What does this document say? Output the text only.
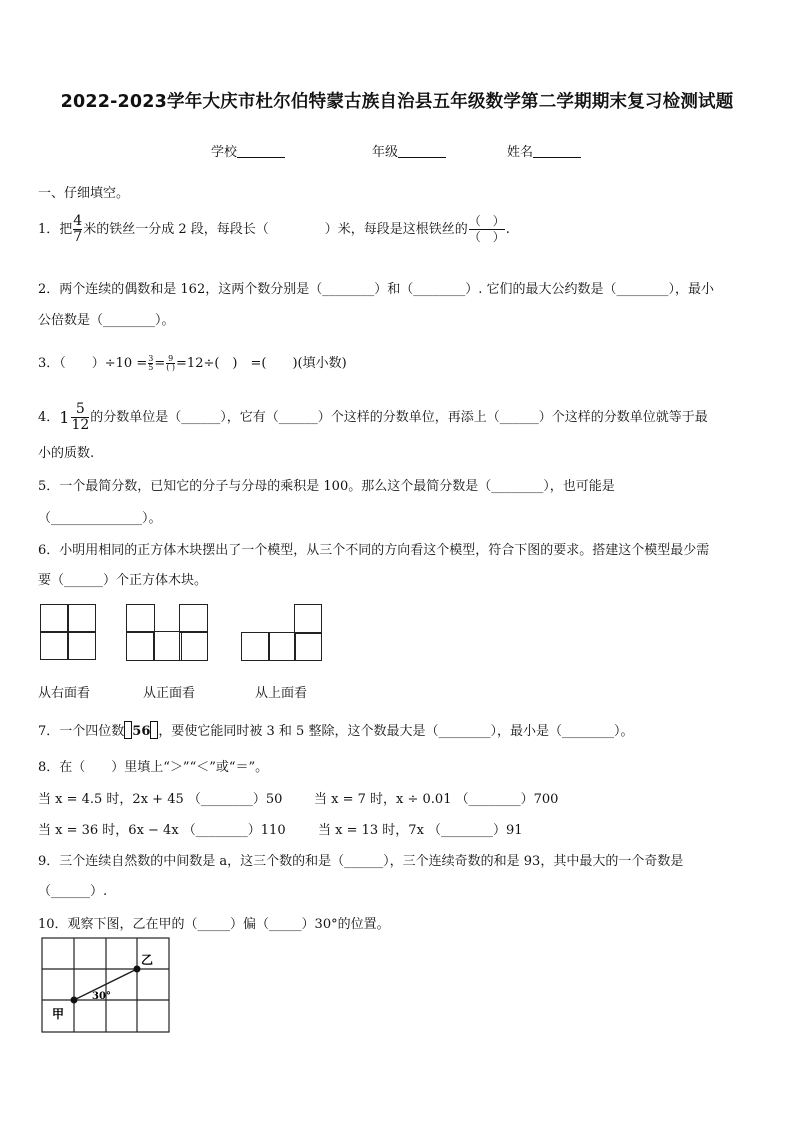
2022-2023学年大庆市杜尔伯特蒙古族自治县五年级数学第二学期期末复习检测试题
学校	年级	姓名
一、仔细填空。
1．把 $\frac{4}{7}$ 米的铁丝一分成 2 段，每段长（	）米，每段是这根铁丝的 $\frac{( )}{( )}$ .
2．两个连续的偶数和是 162，这两个数分别是（________）和（________）. 它们的最大公约数是（________），最小
公倍数是（________）。
3．（　　）$\div 10 = \frac{3}{5} = \frac{9}{( )} =12\div$(　)　=(　　)(填小数)
4． $1 \frac{5}{12}$ 的分数单位是（______），它有（______）个这样的分数单位，再添上（______）个这样的分数单位就等于最
小的质数.
5．一个最简分数，已知它的分子与分母的乘积是 100。那么这个最简分数是（________），也可能是
（______________）。
6．小明用相同的正方体木块摆出了一个模型，从三个不同的方向看这个模型，符合下图的要求。搭建这个模型最少需
要（______）个正方体木块。
从右面看	从正面看	从上面看
7．一个四位数 56 ，要使它能同时被 3 和 5 整除，这个数最大是（________），最小是（________）。
8．在（　　）里填上“＞”“＜”或“＝”。
当 x = 4.5 时，2x + 45 （________）50 当 x = 7 时，x ÷ 0.01 （________）700
当 x = 36 时，6x − 4x （________）110 当 x = 13 时，7x （________）91
9．三个连续自然数的中间数是 a，这三个数的和是（______），三个连续奇数的和是 93，其中最大的一个奇数是
（______）.
10．观察下图，乙在甲的（_____）偏（_____）30°的位置。
甲
乙
30°
